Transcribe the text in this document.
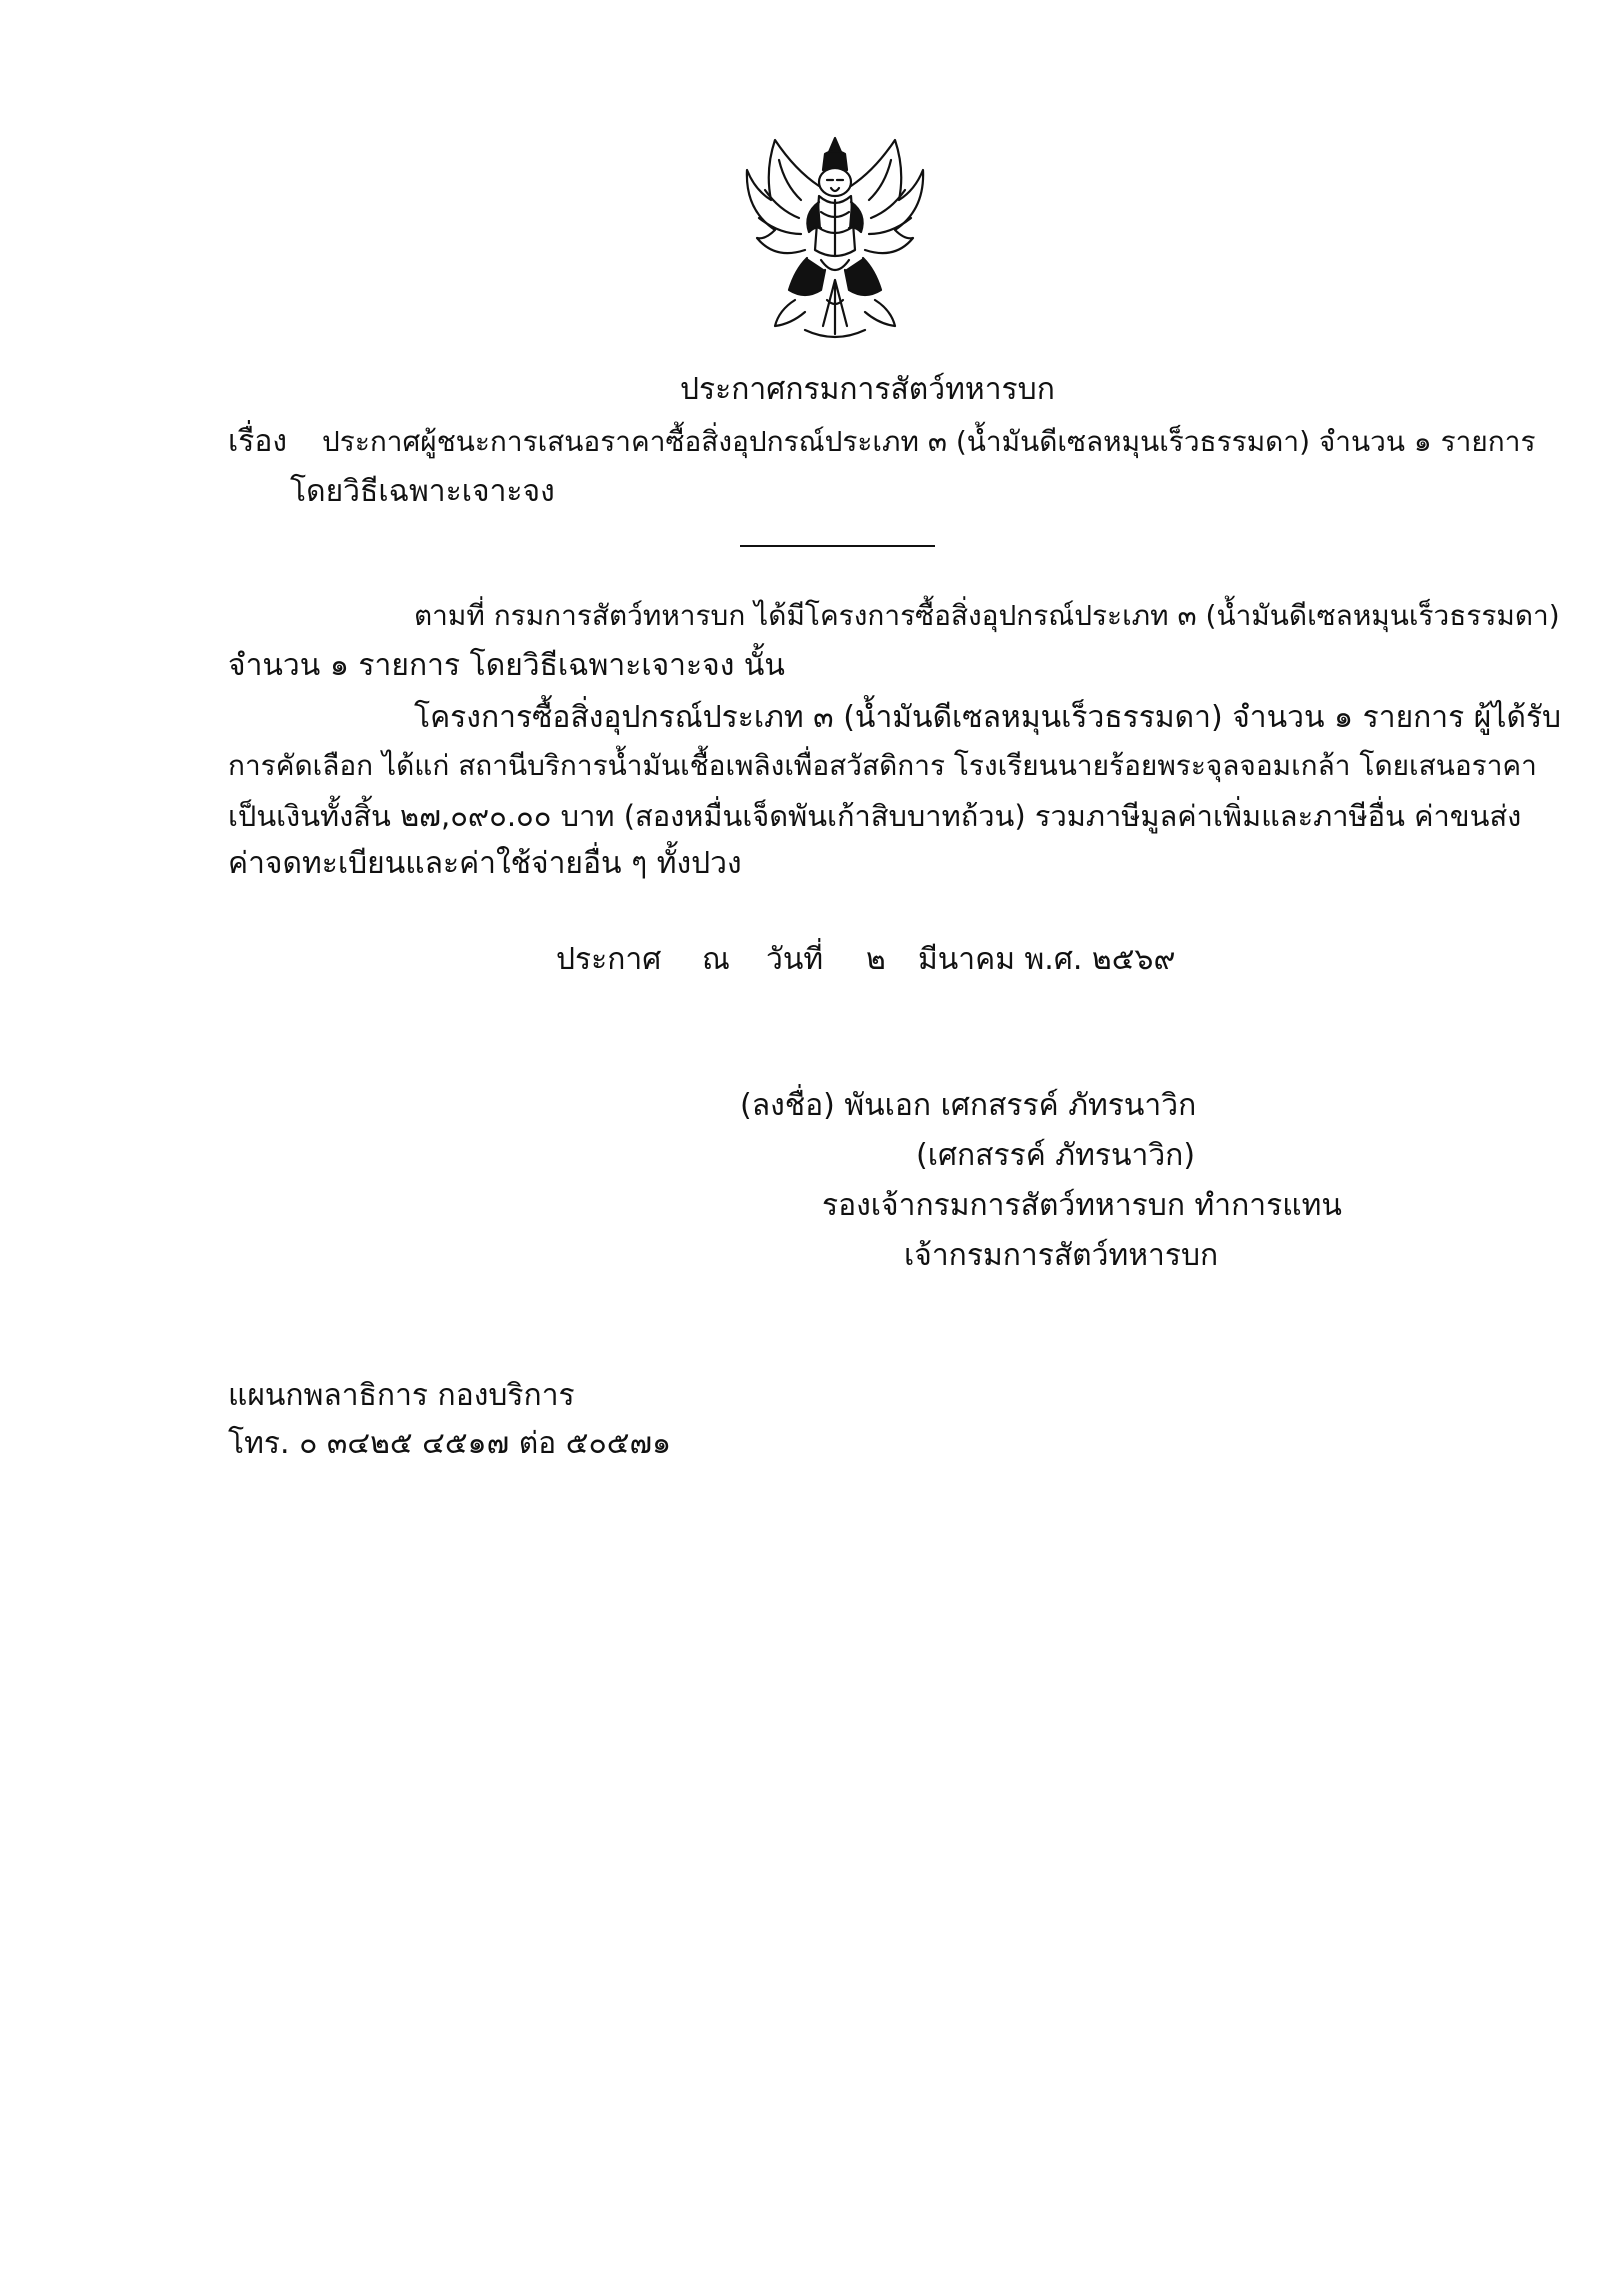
ประกาศกรมการสัตว์ทหารบก
เรื่อง ประกาศผู้ชนะการเสนอราคาซื้อสิ่งอุปกรณ์ประเภท ๓ (น้ำมันดีเซลหมุนเร็วธรรมดา) จำนวน ๑ รายการ
โดยวิธีเฉพาะเจาะจง
ตามที่ กรมการสัตว์ทหารบก ได้มีโครงการซื้อสิ่งอุปกรณ์ประเภท ๓ (น้ำมันดีเซลหมุนเร็วธรรมดา)
จำนวน ๑ รายการ โดยวิธีเฉพาะเจาะจง นั้น
โครงการซื้อสิ่งอุปกรณ์ประเภท ๓ (น้ำมันดีเซลหมุนเร็วธรรมดา) จำนวน ๑ รายการ ผู้ได้รับ
การคัดเลือก ได้แก่ สถานีบริการน้ำมันเชื้อเพลิงเพื่อสวัสดิการ โรงเรียนนายร้อยพระจุลจอมเกล้า โดยเสนอราคา
เป็นเงินทั้งสิ้น ๒๗,๐๙๐.๐๐ บาท (สองหมื่นเจ็ดพันเก้าสิบบาทถ้วน) รวมภาษีมูลค่าเพิ่มและภาษีอื่น ค่าขนส่ง
ค่าจดทะเบียนและค่าใช้จ่ายอื่น ๆ ทั้งปวง
ประกาศ ณ วันที่ ๒ มีนาคม พ.ศ. ๒๕๖๙
(ลงชื่อ) พันเอก เศกสรรค์ ภัทรนาวิก
(เศกสรรค์ ภัทรนาวิก)
รองเจ้ากรมการสัตว์ทหารบก ทำการแทน
เจ้ากรมการสัตว์ทหารบก
แผนกพลาธิการ กองบริการ
โทร. ๐ ๓๔๒๕ ๔๕๑๗ ต่อ ๕๐๕๗๑
